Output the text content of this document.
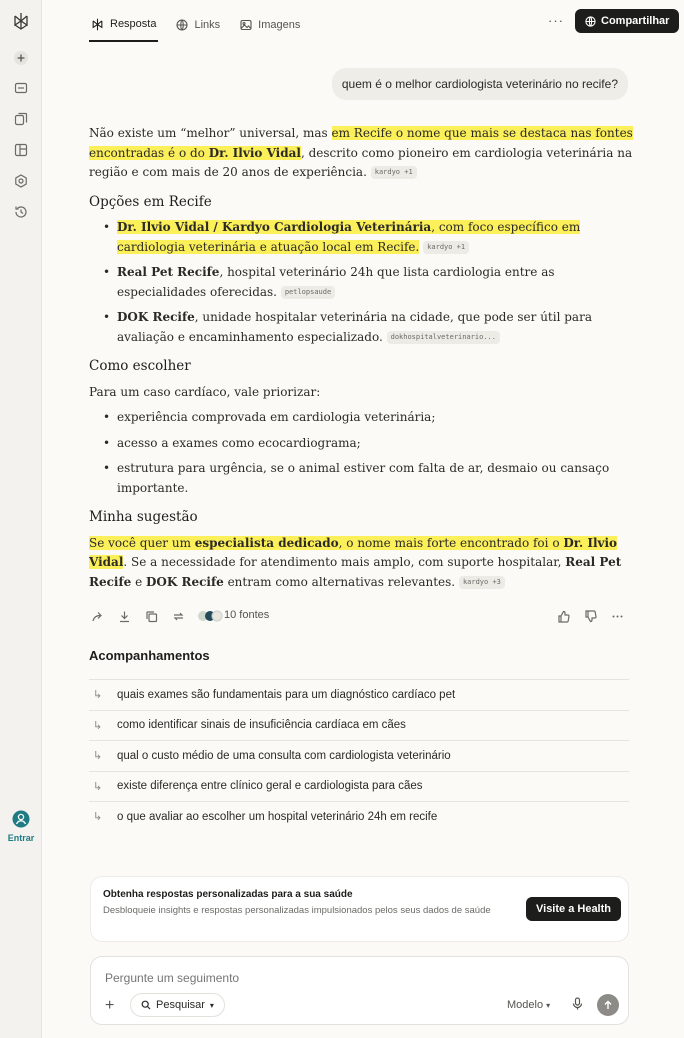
Entrar
Resposta	Links	Imagens	···	Compartilhar
quem é o melhor cardiologista veterinário no recife?

Não existe um “melhor” universal, mas em Recife o nome que mais se destaca nas fontes encontradas é o do Dr. Ilvio Vidal, descrito como pioneiro em cardiologia veterinária na região e com mais de 20 anos de experiência. kardyo +1

Opções em Recife
• Dr. Ilvio Vidal / Kardyo Cardiologia Veterinária, com foco específico em cardiologia veterinária e atuação local em Recife. kardyo +1
• Real Pet Recife, hospital veterinário 24h que lista cardiologia entre as especialidades oferecidas. petlopsaude
• DOK Recife, unidade hospitalar veterinária na cidade, que pode ser útil para avaliação e encaminhamento especializado. dokhospitalveterinario...
Como escolher

Para um caso cardíaco, vale priorizar:

• experiência comprovada em cardiologia veterinária;
• acesso a exames como ecocardiograma;
• estrutura para urgência, se o animal estiver com falta de ar, desmaio ou cansaço importante.
Minha sugestão

Se você quer um especialista dedicado, o nome mais forte encontrado foi o Dr. Ilvio Vidal. Se a necessidade for atendimento mais amplo, com suporte hospitalar, Real Pet Recife e DOK Recife entram como alternativas relevantes. kardyo +3

10 fontes
Acompanhamentos
↳	quais exames são fundamentais para um diagnóstico cardíaco pet
↳	como identificar sinais de insuficiência cardíaca em cães
↳	qual o custo médio de uma consulta com cardiologista veterinário
↳	existe diferença entre clínico geral e cardiologista para cães
↳	o que avaliar ao escolher um hospital veterinário 24h em recife
Obtenha respostas personalizadas para a sua saúde
Desbloqueie insights e respostas personalizadas impulsionados pelos seus dados de saúde	Visite a Health
Pergunte um seguimento
+	Pesquisar ▾	Modelo ▾
